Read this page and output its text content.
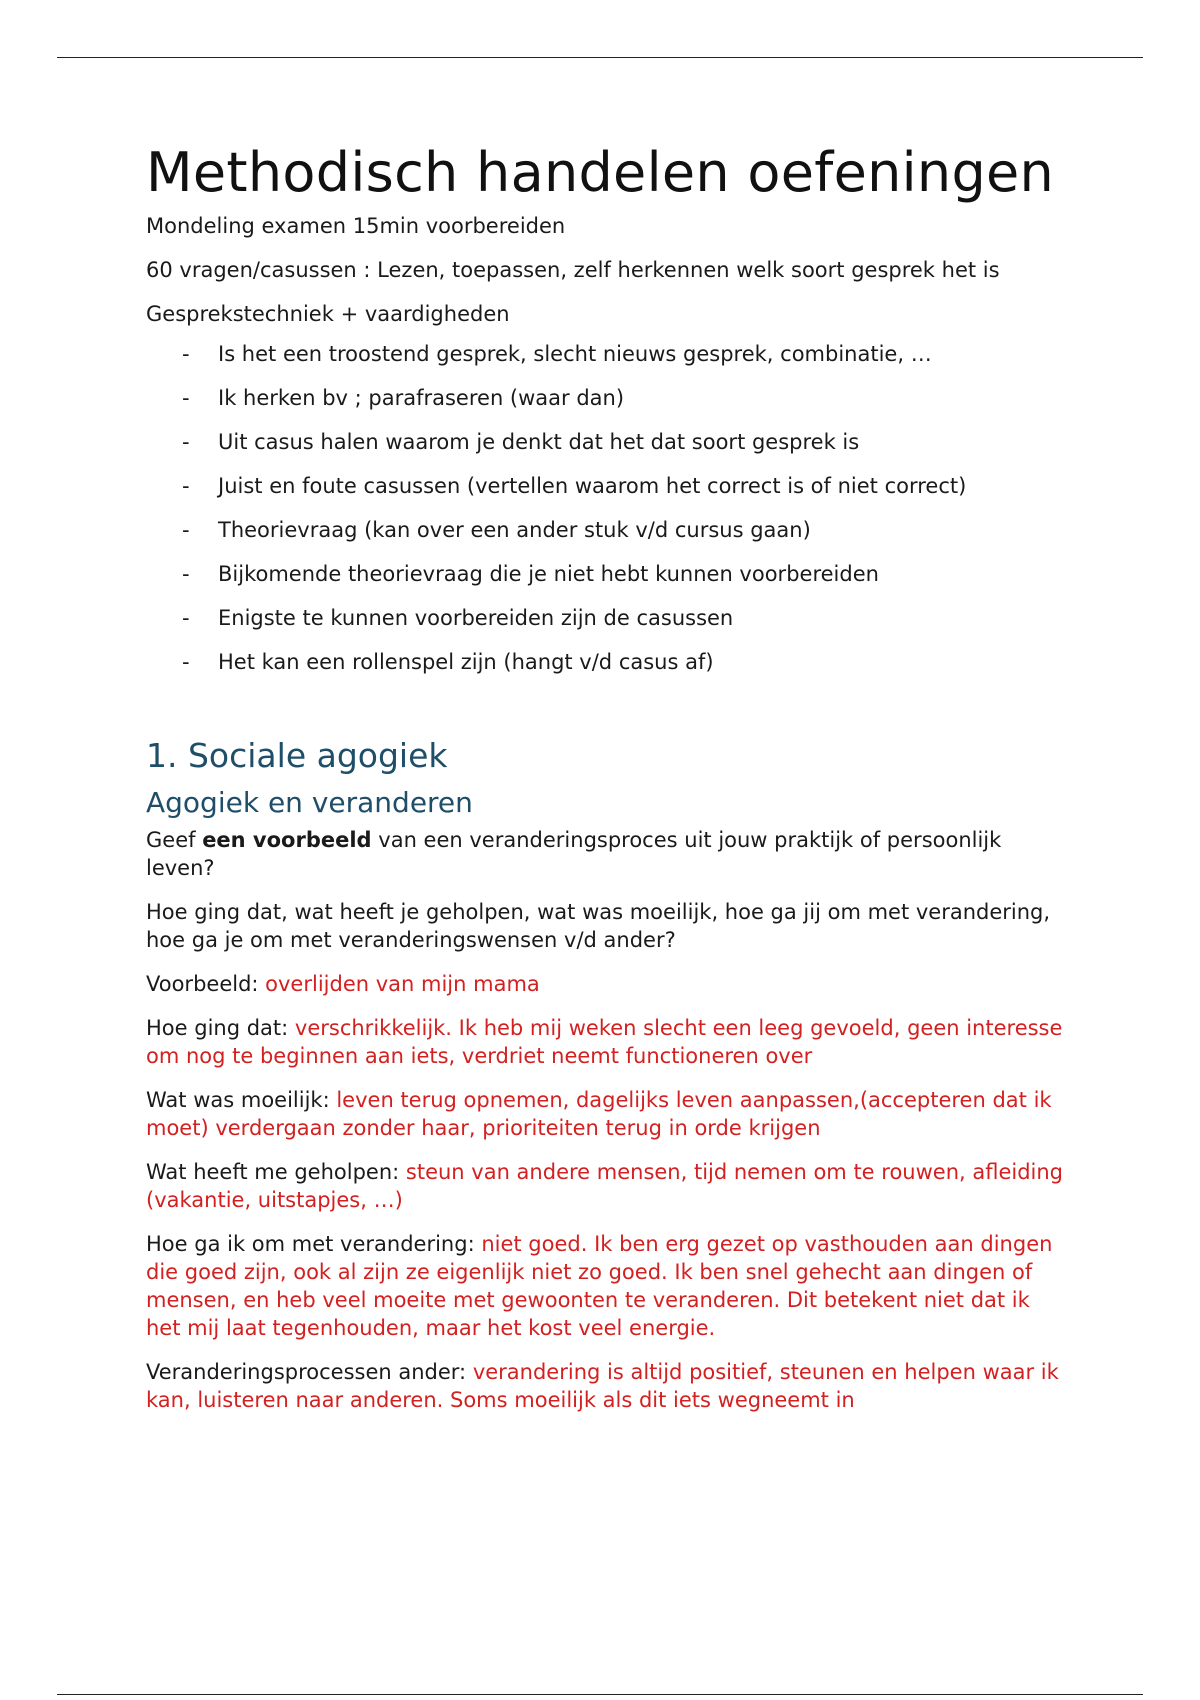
Methodisch handelen oefeningen

Mondeling examen 15min voorbereiden

60 vragen/casussen : Lezen, toepassen, zelf herkennen welk soort gesprek het is

Gesprekstechniek + vaardigheden

- Is het een troostend gesprek, slecht nieuws gesprek, combinatie, …
- Ik herken bv ; parafraseren (waar dan)
- Uit casus halen waarom je denkt dat het dat soort gesprek is
- Juist en foute casussen (vertellen waarom het correct is of niet correct)
- Theorievraag (kan over een ander stuk v/d cursus gaan)
- Bijkomende theorievraag die je niet hebt kunnen voorbereiden
- Enigste te kunnen voorbereiden zijn de casussen
- Het kan een rollenspel zijn (hangt v/d casus af)
1. Sociale agogiek
Agogiek en veranderen

Geef een voorbeeld van een veranderingsproces uit jouw praktijk of persoonlijk leven?

Hoe ging dat, wat heeft je geholpen, wat was moeilijk, hoe ga jij om met verandering, hoe ga je om met veranderingswensen v/d ander?

Voorbeeld: overlijden van mijn mama

Hoe ging dat: verschrikkelijk. Ik heb mij weken slecht een leeg gevoeld, geen interesse om nog te beginnen aan iets, verdriet neemt functioneren over

Wat was moeilijk: leven terug opnemen, dagelijks leven aanpassen,(accepteren dat ik moet) verdergaan zonder haar, prioriteiten terug in orde krijgen

Wat heeft me geholpen: steun van andere mensen, tijd nemen om te rouwen, afleiding (vakantie, uitstapjes, …)

Hoe ga ik om met verandering: niet goed. Ik ben erg gezet op vasthouden aan dingen die goed zijn, ook al zijn ze eigenlijk niet zo goed. Ik ben snel gehecht aan dingen of mensen, en heb veel moeite met gewoonten te veranderen. Dit betekent niet dat ik het mij laat tegenhouden, maar het kost veel energie.

Veranderingsprocessen ander: verandering is altijd positief, steunen en helpen waar ik kan, luisteren naar anderen. Soms moeilijk als dit iets wegneemt in
